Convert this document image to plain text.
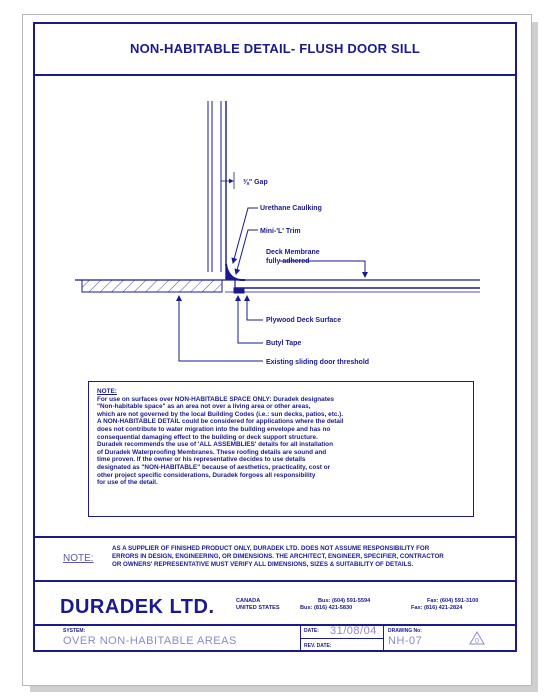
NON-HABITABLE DETAIL- FLUSH DOOR SILL
⅜" Gap
Urethane Caulking
Mini-'L' Trim
Deck Membrane
fully adhered
Plywood Deck Surface
Butyl Tape
Existing sliding door threshold
NOTE:
For use on surfaces over NON-HABITABLE SPACE ONLY: Duradek designates
"Non-habitable space" as an area not over a living area or other areas,
which are not governed by the local Building Codes (i.e.: sun decks, patios, etc.).
A NON-HABITABLE DETAIL could be considered for applications where the detail
does not contribute to water migration into the building envelope and has no
consequential damaging effect to the building or deck support structure.
Duradek recommends the use of 'ALL ASSEMBLIES' details for all installation
of Duradek Waterproofing Membranes. These roofing details are sound and
time proven. If the owner or his representative decides to use details
designated as "NON-HABITABLE" because of aesthetics, practicality, cost or
other project specific considerations, Duradek forgoes all responsibility
for use of the detail.
NOTE:
AS A SUPPLIER OF FINISHED PRODUCT ONLY, DURADEK LTD. DOES NOT ASSUME RESPONSIBILITY FOR
ERRORS IN DESIGN, ENGINEERING, OR DIMENSIONS. THE ARCHITECT, ENGINEER, SPECIFIER, CONTRACTOR
OR OWNERS' REPRESENTATIVE MUST VERIFY ALL DIMENSIONS, SIZES & SUITABILITY OF DETAILS.
DURADEK LTD.	CANADA
UNITED STATES
Bus: (604) 591-5594
Bus: (816) 421-5830
Fax: (604) 591-3100
Fax: (816) 421-2824
SYSTEM:
OVER NON-HABITABLE AREAS
DATE: 31/08/04
REV. DATE:
DRAWING No:
NH-07	0
